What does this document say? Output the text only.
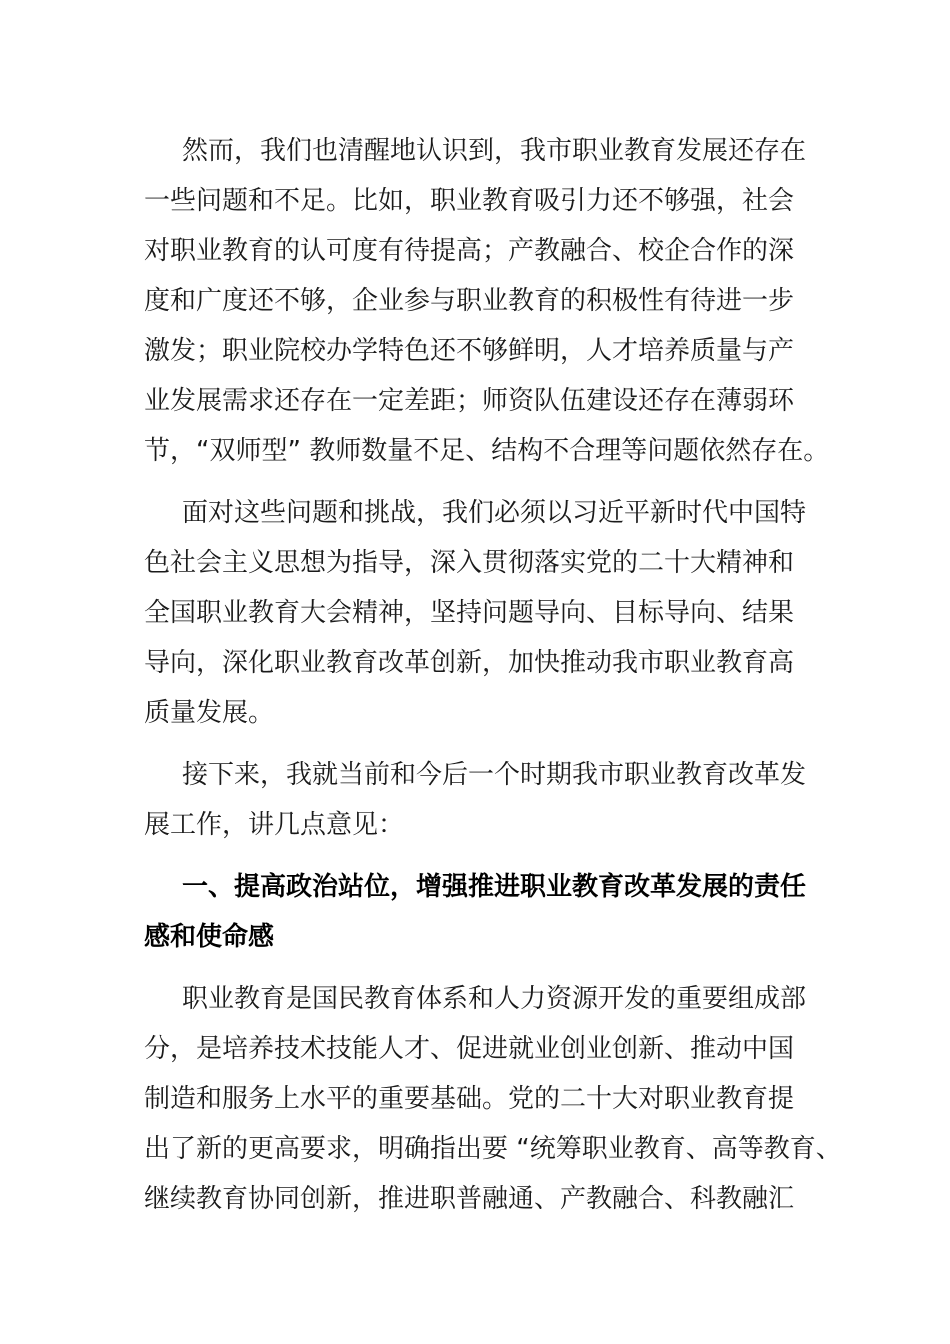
然而，我们也清醒地认识到，我市职业教育发展还存在
一些问题和不足。比如，职业教育吸引力还不够强，社会
对职业教育的认可度有待提高；产教融合、校企合作的深
度和广度还不够，企业参与职业教育的积极性有待进一步
激发；职业院校办学特色还不够鲜明，人才培养质量与产
业发展需求还存在一定差距；师资队伍建设还存在薄弱环
节，“双师型” 教师数量不足、结构不合理等问题依然存在。
面对这些问题和挑战，我们必须以习近平新时代中国特
色社会主义思想为指导，深入贯彻落实党的二十大精神和
全国职业教育大会精神，坚持问题导向、目标导向、结果
导向，深化职业教育改革创新，加快推动我市职业教育高
质量发展。
接下来，我就当前和今后一个时期我市职业教育改革发
展工作，讲几点意见：
一、提高政治站位，增强推进职业教育改革发展的责任
感和使命感
职业教育是国民教育体系和人力资源开发的重要组成部
分，是培养技术技能人才、促进就业创业创新、推动中国
制造和服务上水平的重要基础。党的二十大对职业教育提
出了新的更高要求，明确指出要 “统筹职业教育、高等教育、
继续教育协同创新，推进职普融通、产教融合、科教融汇
